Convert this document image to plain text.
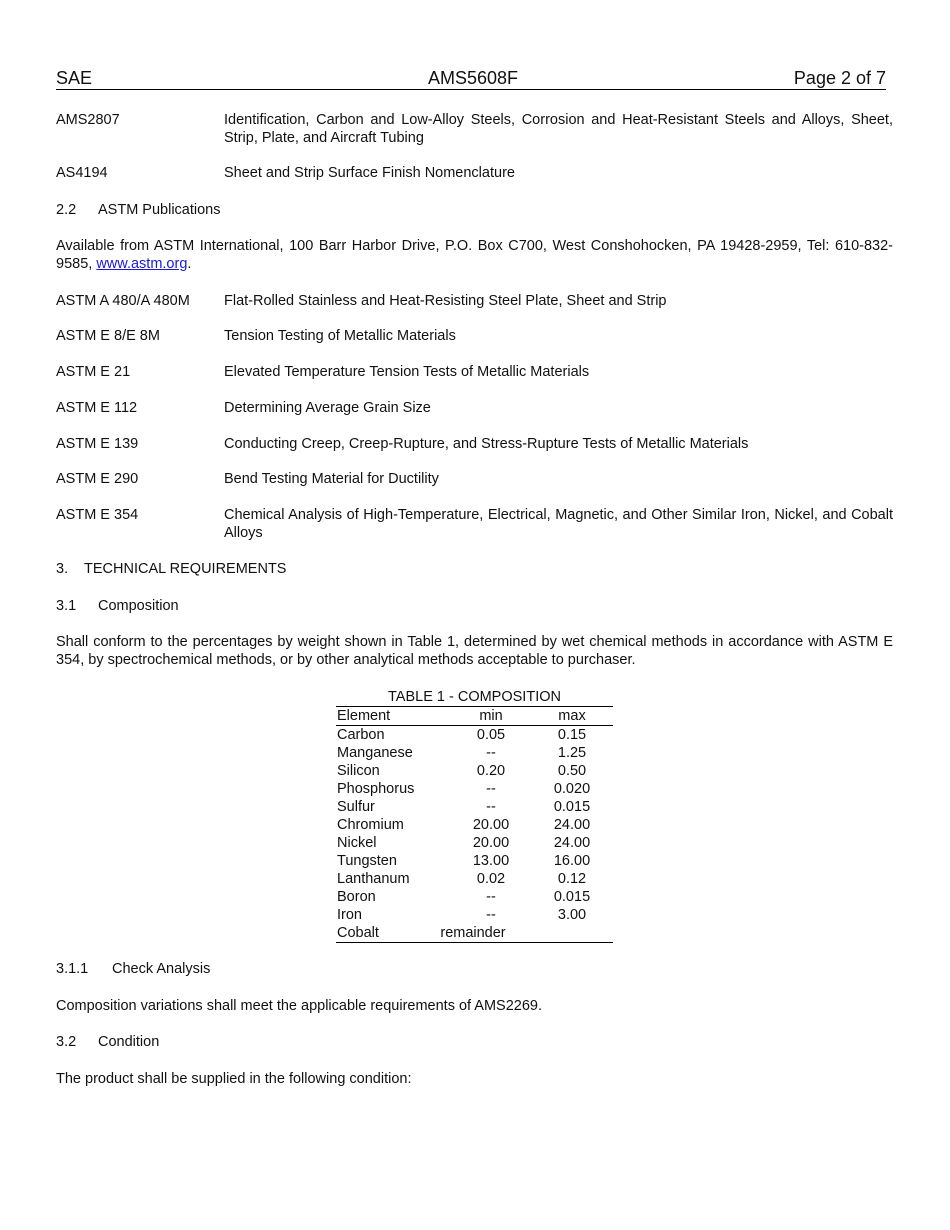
SAE	AMS5608F	Page 2 of 7
AMS2807	Identification, Carbon and Low-Alloy Steels, Corrosion and Heat-Resistant Steels and Alloys, Sheet, Strip, Plate, and Aircraft Tubing
AS4194	Sheet and Strip Surface Finish Nomenclature
2.2 ASTM Publications
Available from ASTM International, 100 Barr Harbor Drive, P.O. Box C700, West Conshohocken, PA 19428-2959, Tel: 610-832-9585, www.astm.org.
ASTM A 480/A 480M Flat-Rolled Stainless and Heat-Resisting Steel Plate, Sheet and Strip
ASTM E 8/E 8M	Tension Testing of Metallic Materials
ASTM E 21	Elevated Temperature Tension Tests of Metallic Materials
ASTM E 112	Determining Average Grain Size
ASTM E 139	Conducting Creep, Creep-Rupture, and Stress-Rupture Tests of Metallic Materials
ASTM E 290	Bend Testing Material for Ductility
ASTM E 354	Chemical Analysis of High-Temperature, Electrical, Magnetic, and Other Similar Iron, Nickel, and Cobalt Alloys
3. TECHNICAL REQUIREMENTS
3.1 Composition
Shall conform to the percentages by weight shown in Table 1, determined by wet chemical methods in accordance with ASTM E 354, by spectrochemical methods, or by other analytical methods acceptable to purchaser.
TABLE 1 - COMPOSITION
Element	min	max
Carbon	0.05	0.15
Manganese	--	1.25
Silicon	0.20	0.50
Phosphorus	--	0.020
Sulfur	--	0.015
Chromium	20.00	24.00
Nickel	20.00	24.00
Tungsten	13.00	16.00
Lanthanum	0.02	0.12
Boron	--	0.015
Iron	--	3.00
Cobalt	remainder
3.1.1 Check Analysis
Composition variations shall meet the applicable requirements of AMS2269.
3.2 Condition
The product shall be supplied in the following condition:
